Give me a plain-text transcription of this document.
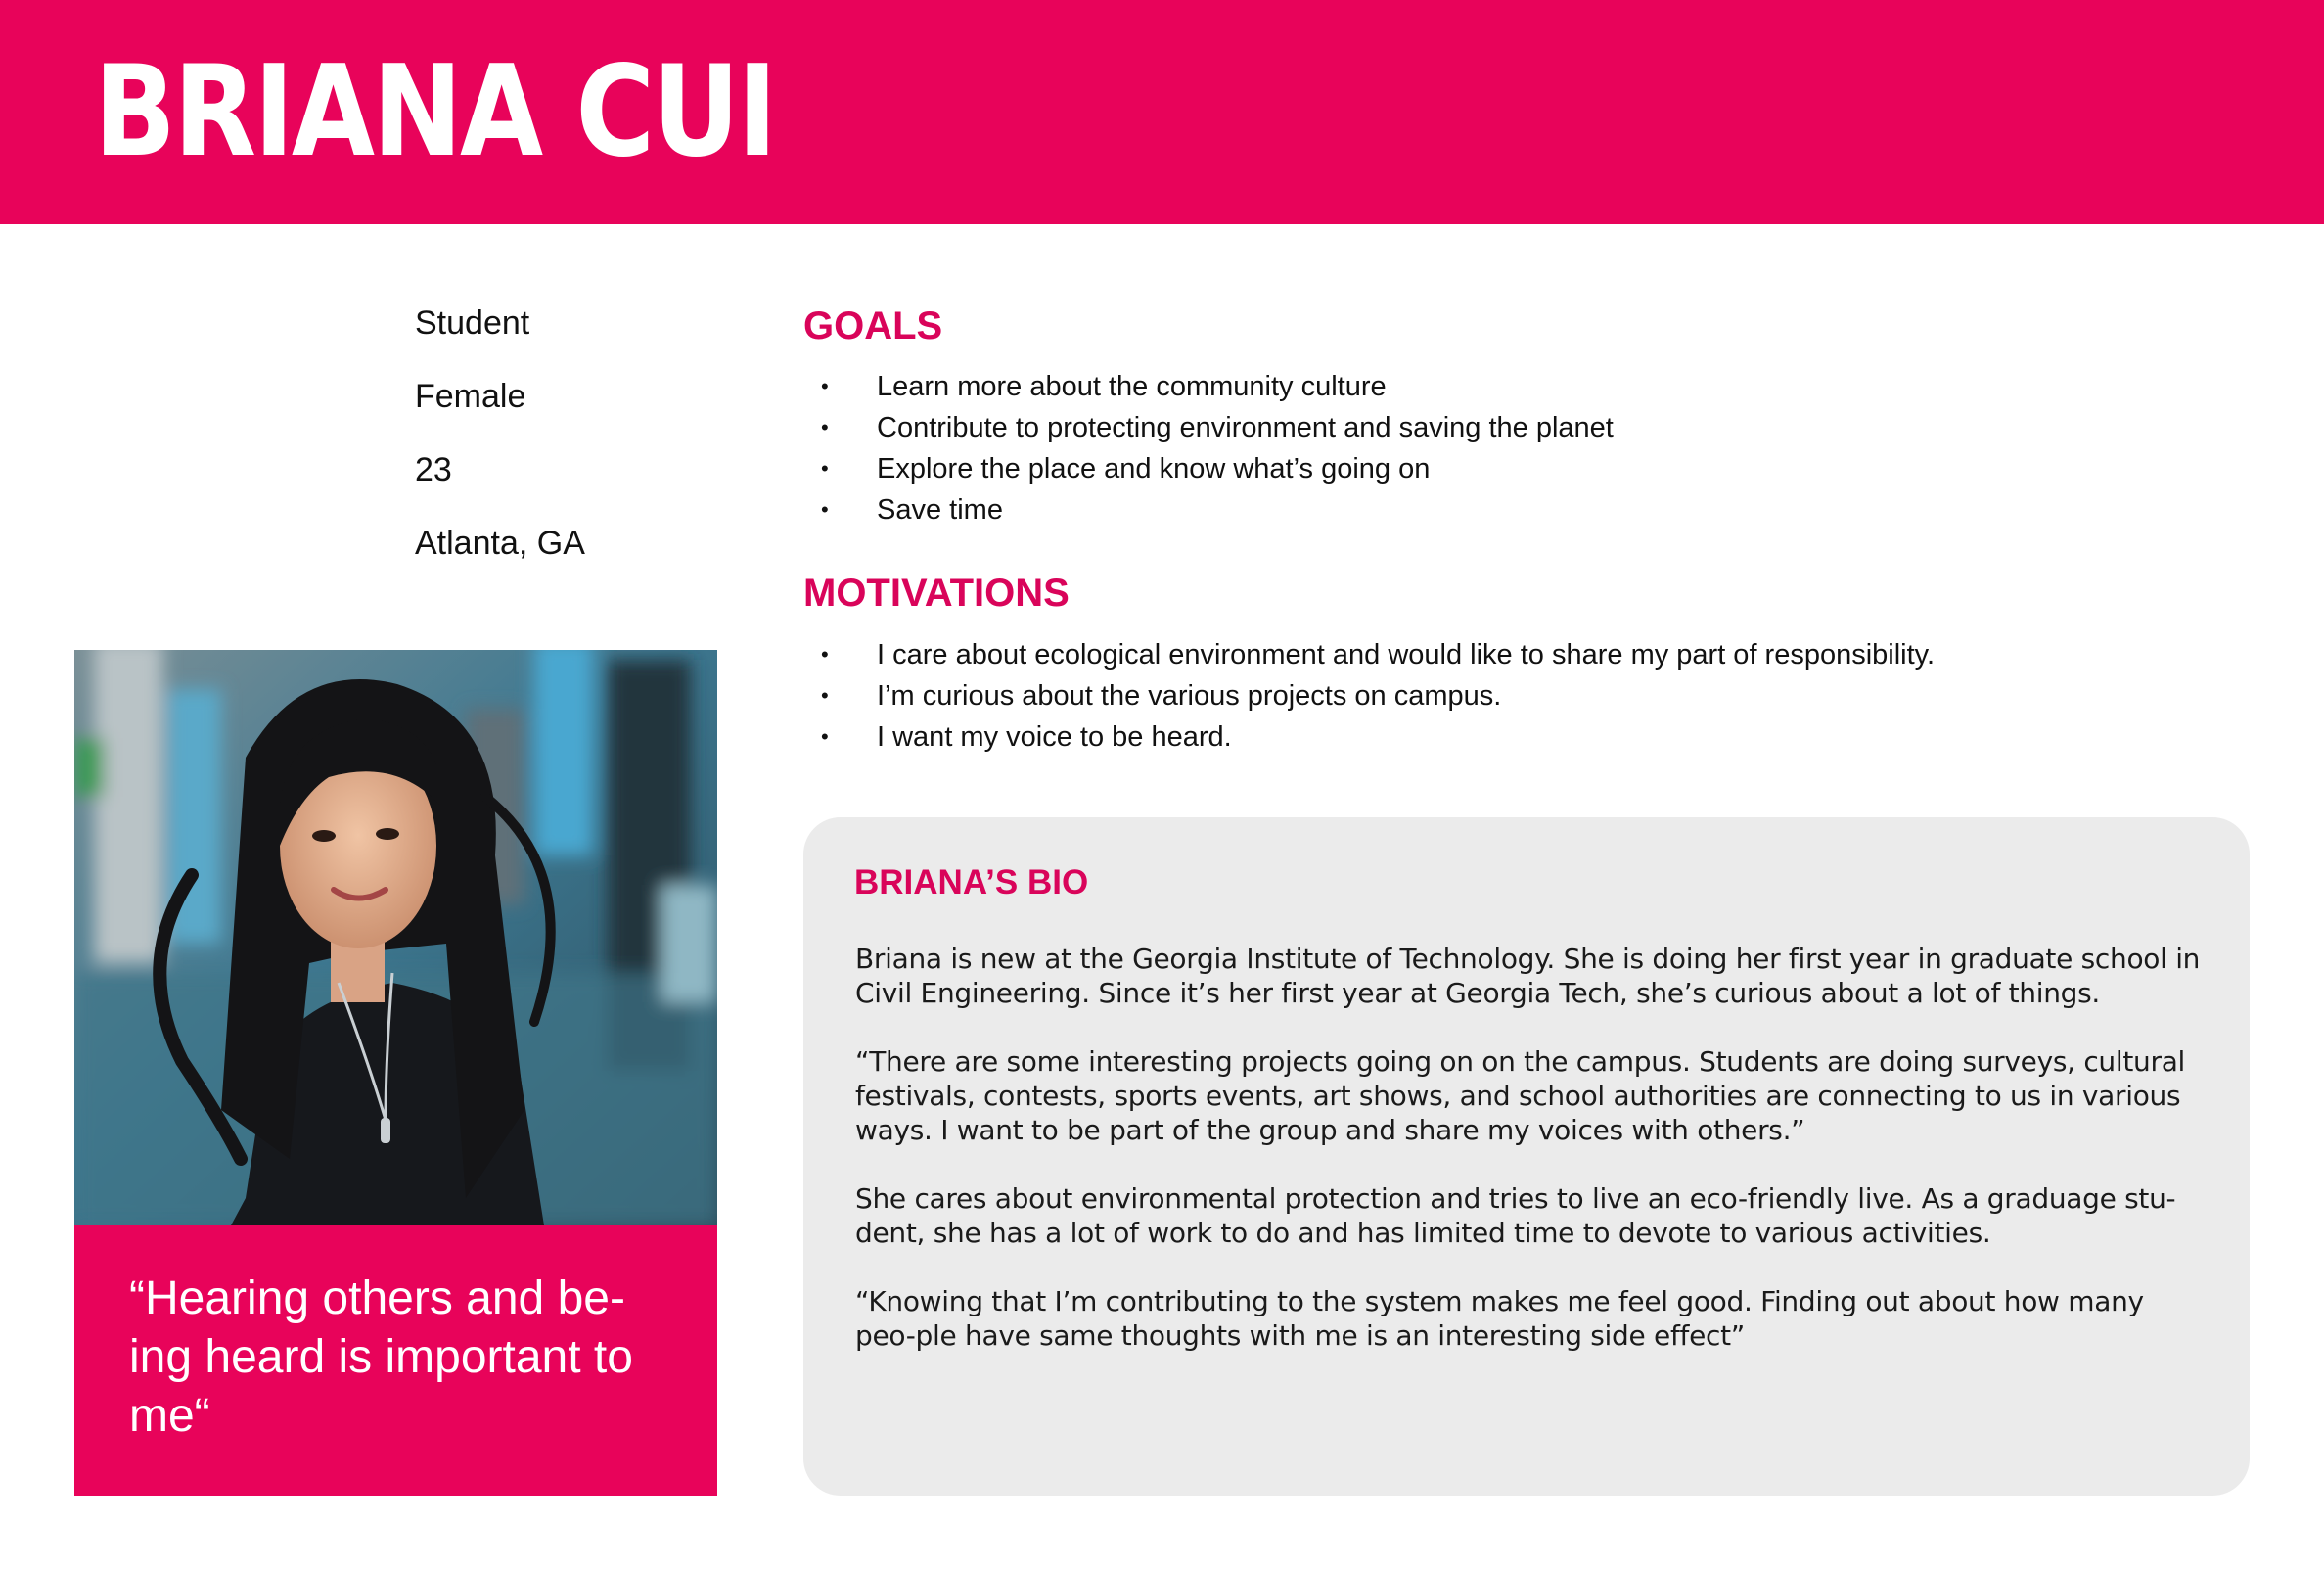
BRIANA CUI
Student
Female
23
Atlanta, GA
“Hearing others and be-
ing heard is important to
me“
GOALS
• Learn more about the community culture
• Contribute to protecting environment and saving the planet
• Explore the place and know what’s going on
• Save time
MOTIVATIONS
• I care about ecological environment and would like to share my part of responsibility.
• I’m curious about the various projects on campus.
• I want my voice to be heard.
BRIANA’S BIO
Briana is new at the Georgia Institute of Technology. She is doing her first year in graduate school in Civil Engineering. Since it’s her first year at Georgia Tech, she’s curious about a lot of things.
“There are some interesting projects going on on the campus. Students are doing surveys, cultural festivals, contests, sports events, art shows, and school authorities are connecting to us in various ways. I want to be part of the group and share my voices with others.”
She cares about environmental protection and tries to live an eco-friendly live. As a graduage stu-dent, she has a lot of work to do and has limited time to devote to various activities.
“Knowing that I’m contributing to the system makes me feel good. Finding out about how many peo-ple have same thoughts with me is an interesting side effect”
